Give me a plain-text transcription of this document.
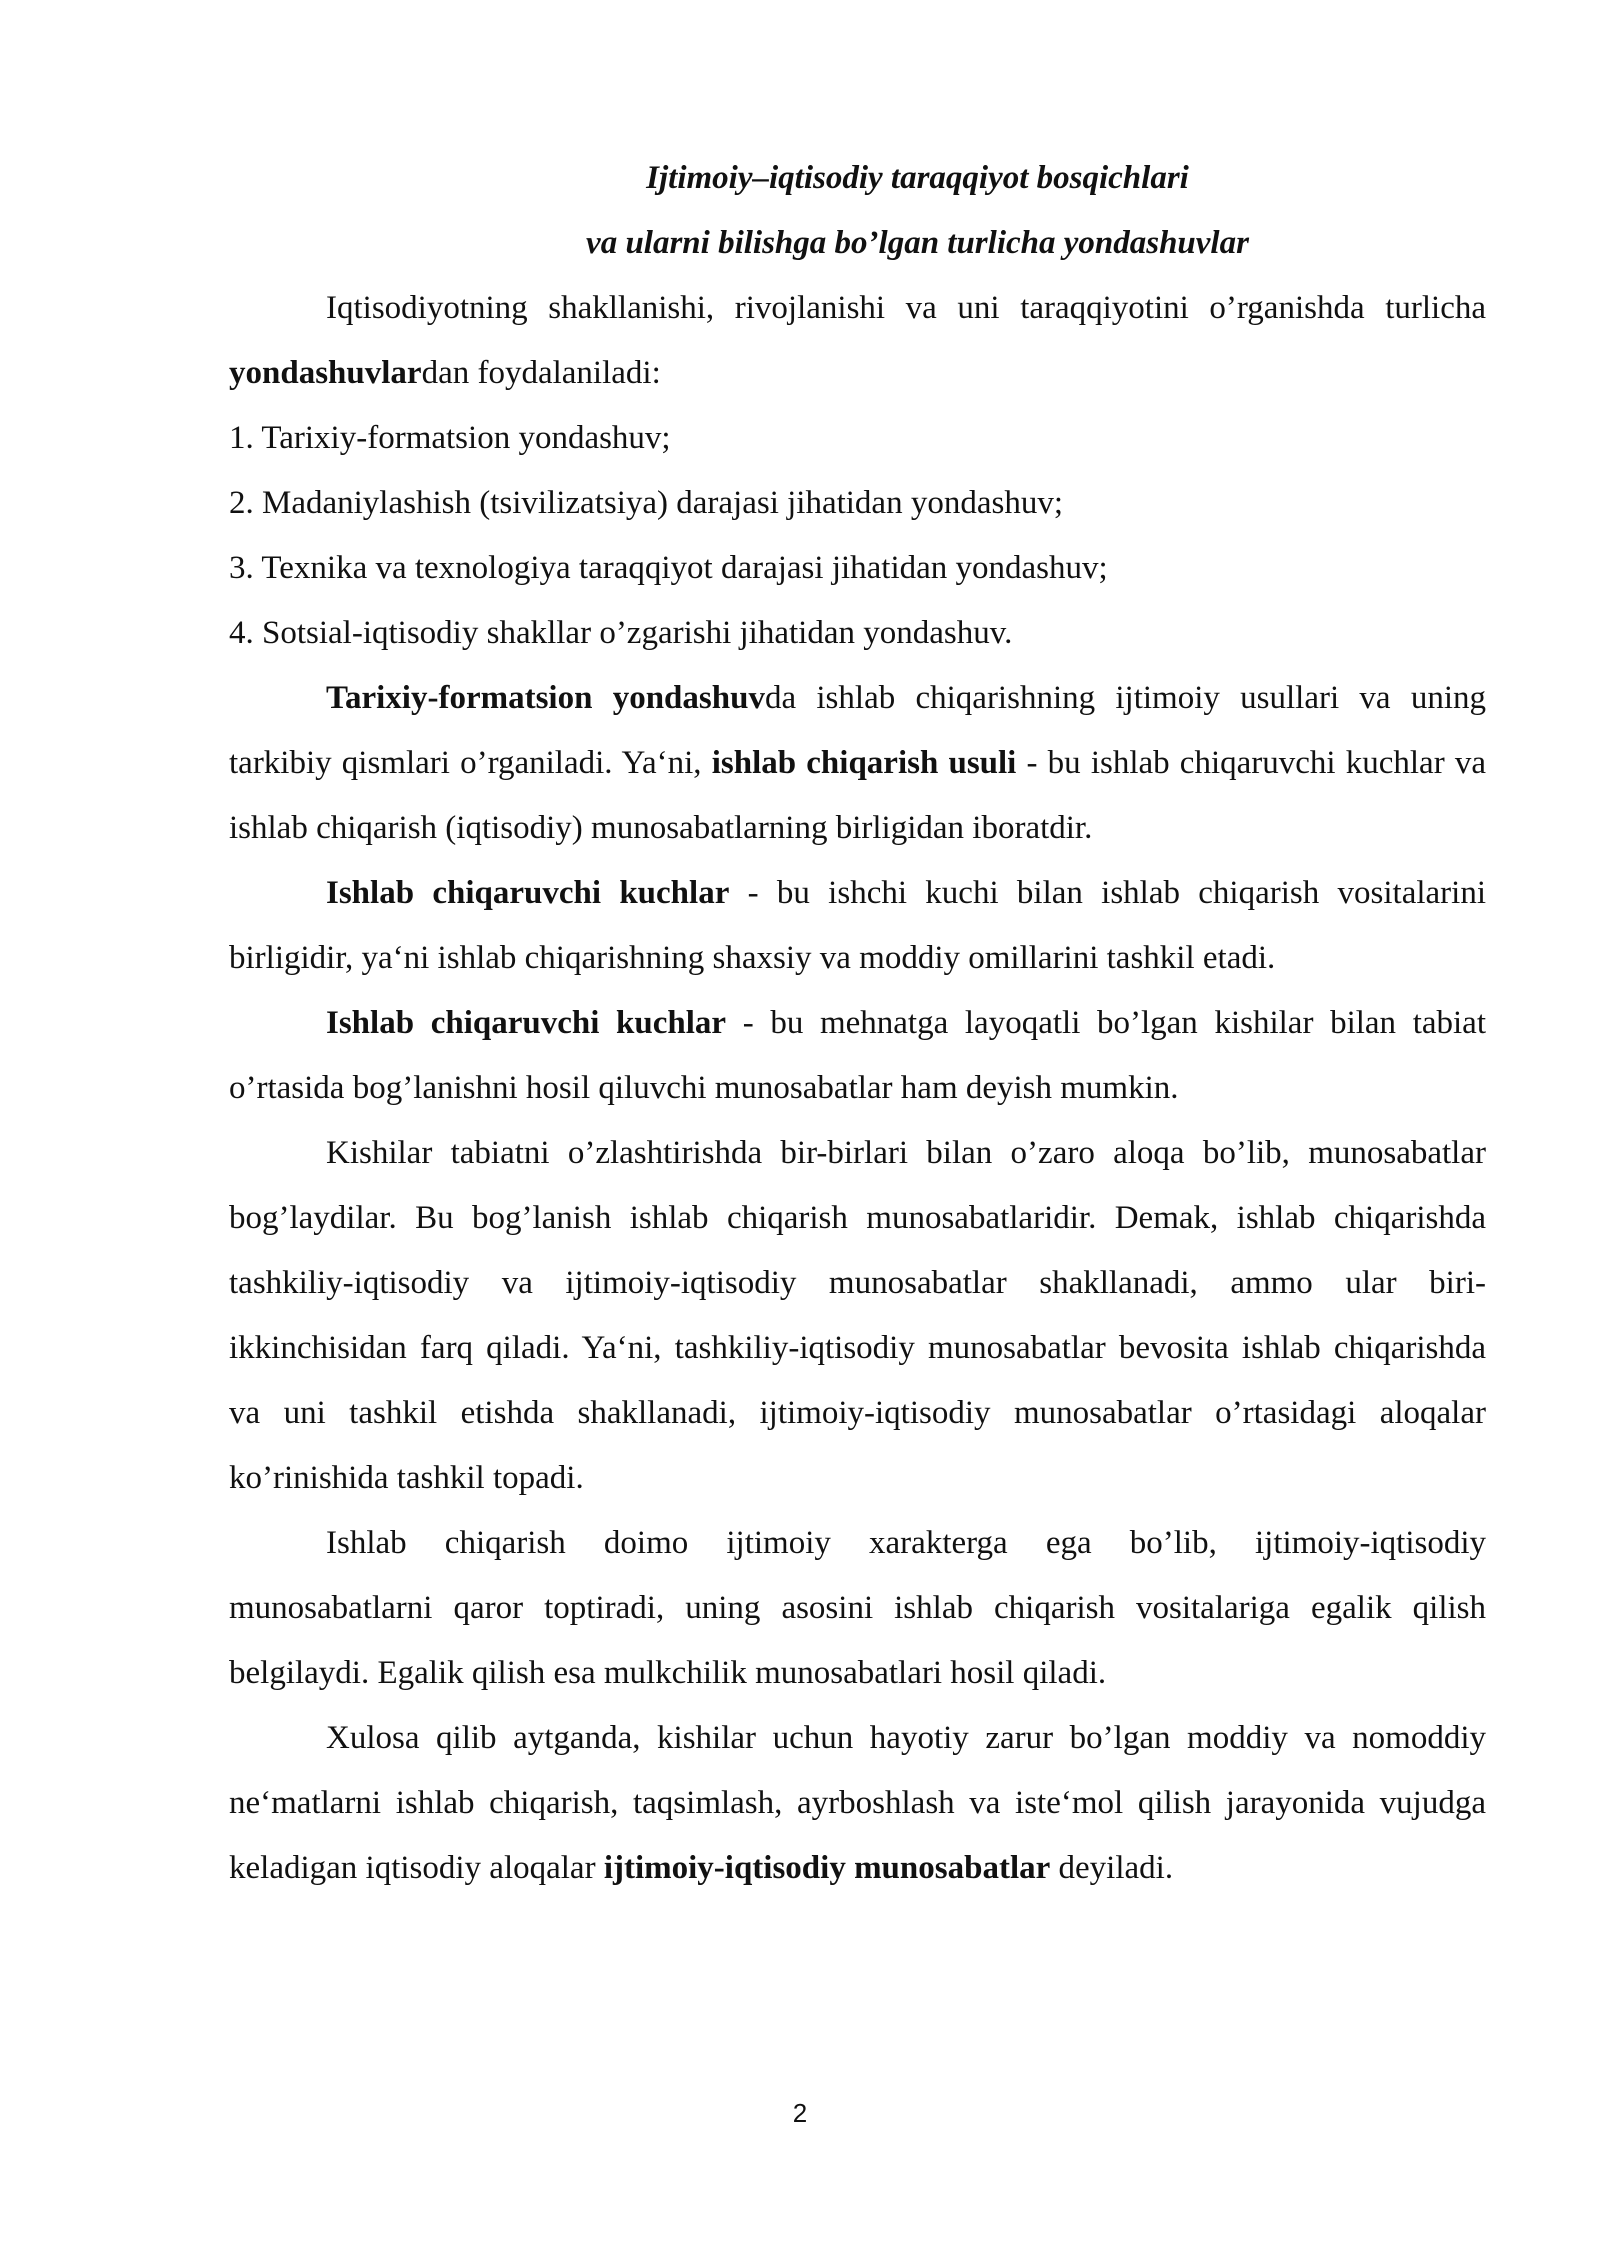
Ijtimoiy–iqtisodiy taraqqiyot bosqichlari

va ularni bilishga bo’lgan turlicha yondashuvlar

Iqtisodiyotning shakllanishi, rivojlanishi va uni taraqqiyotini o’rganishda turlicha yondashuvlardan foydalaniladi:

1. Tarixiy-formatsion yondashuv;

2. Madaniylashish (tsivilizatsiya) darajasi jihatidan yondashuv;

3. Texnika va texnologiya taraqqiyot darajasi jihatidan yondashuv;

4. Sotsial-iqtisodiy shakllar o’zgarishi jihatidan yondashuv.

Tarixiy-formatsion yondashuvda ishlab chiqarishning ijtimoiy usullari va uning tarkibiy qismlari o’rganiladi. Ya‘ni, ishlab chiqarish usuli - bu ishlab chiqaruvchi kuchlar va ishlab chiqarish (iqtisodiy) munosabatlarning birligidan iboratdir.

Ishlab chiqaruvchi kuchlar - bu ishchi kuchi bilan ishlab chiqarish vositalarini birligidir, ya‘ni ishlab chiqarishning shaxsiy va moddiy omillarini tashkil etadi.

Ishlab chiqaruvchi kuchlar - bu mehnatga layoqatli bo’lgan kishilar bilan tabiat o’rtasida bog’lanishni hosil qiluvchi munosabatlar ham deyish mumkin.

Kishilar tabiatni o’zlashtirishda bir-birlari bilan o’zaro aloqa bo’lib, munosabatlar bog’laydilar. Bu bog’lanish ishlab chiqarish munosabatlaridir. Demak, ishlab chiqarishda tashkiliy-iqtisodiy va ijtimoiy-iqtisodiy munosabatlar shakllanadi, ammo ular biri-ikkinchisidan farq qiladi. Ya‘ni, tashkiliy-iqtisodiy munosabatlar bevosita ishlab chiqarishda va uni tashkil etishda shakllanadi, ijtimoiy-iqtisodiy munosabatlar o’rtasidagi aloqalar ko’rinishida tashkil topadi.

Ishlab chiqarish doimo ijtimoiy xarakterga ega bo’lib, ijtimoiy-iqtisodiy munosabatlarni qaror toptiradi, uning asosini ishlab chiqarish vositalariga egalik qilish belgilaydi. Egalik qilish esa mulkchilik munosabatlari hosil qiladi.

Xulosa qilib aytganda, kishilar uchun hayotiy zarur bo’lgan moddiy va nomoddiy ne‘matlarni ishlab chiqarish, taqsimlash, ayrboshlash va iste‘mol qilish jarayonida vujudga keladigan iqtisodiy aloqalar ijtimoiy-iqtisodiy munosabatlar deyiladi.

2
